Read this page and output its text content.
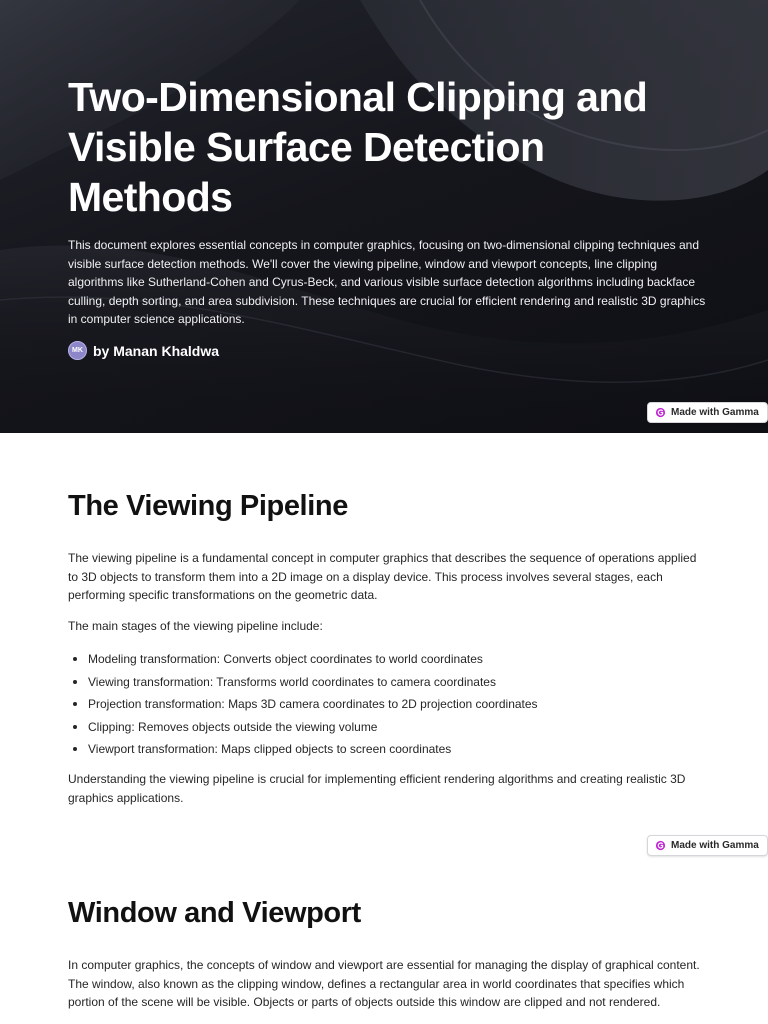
Two-Dimensional Clipping and Visible Surface Detection Methods

This document explores essential concepts in computer graphics, focusing on two-dimensional clipping techniques and visible surface detection methods. We'll cover the viewing pipeline, window and viewport concepts, line clipping algorithms like Sutherland-Cohen and Cyrus-Beck, and various visible surface detection algorithms including backface culling, depth sorting, and area subdivision. These techniques are crucial for efficient rendering and realistic 3D graphics in computer science applications.

MK by Manan Khaldwa
Made with Gamma
The Viewing Pipeline

The viewing pipeline is a fundamental concept in computer graphics that describes the sequence of operations applied to 3D objects to transform them into a 2D image on a display device. This process involves several stages, each performing specific transformations on the geometric data.

The main stages of the viewing pipeline include:

Modeling transformation: Converts object coordinates to world coordinates
Viewing transformation: Transforms world coordinates to camera coordinates
Projection transformation: Maps 3D camera coordinates to 2D projection coordinates
Clipping: Removes objects outside the viewing volume
Viewport transformation: Maps clipped objects to screen coordinates

Understanding the viewing pipeline is crucial for implementing efficient rendering algorithms and creating realistic 3D graphics applications.

Made with Gamma
Window and Viewport

In computer graphics, the concepts of window and viewport are essential for managing the display of graphical content. The window, also known as the clipping window, defines a rectangular area in world coordinates that specifies which portion of the scene will be visible. Objects or parts of objects outside this window are clipped and not rendered.
